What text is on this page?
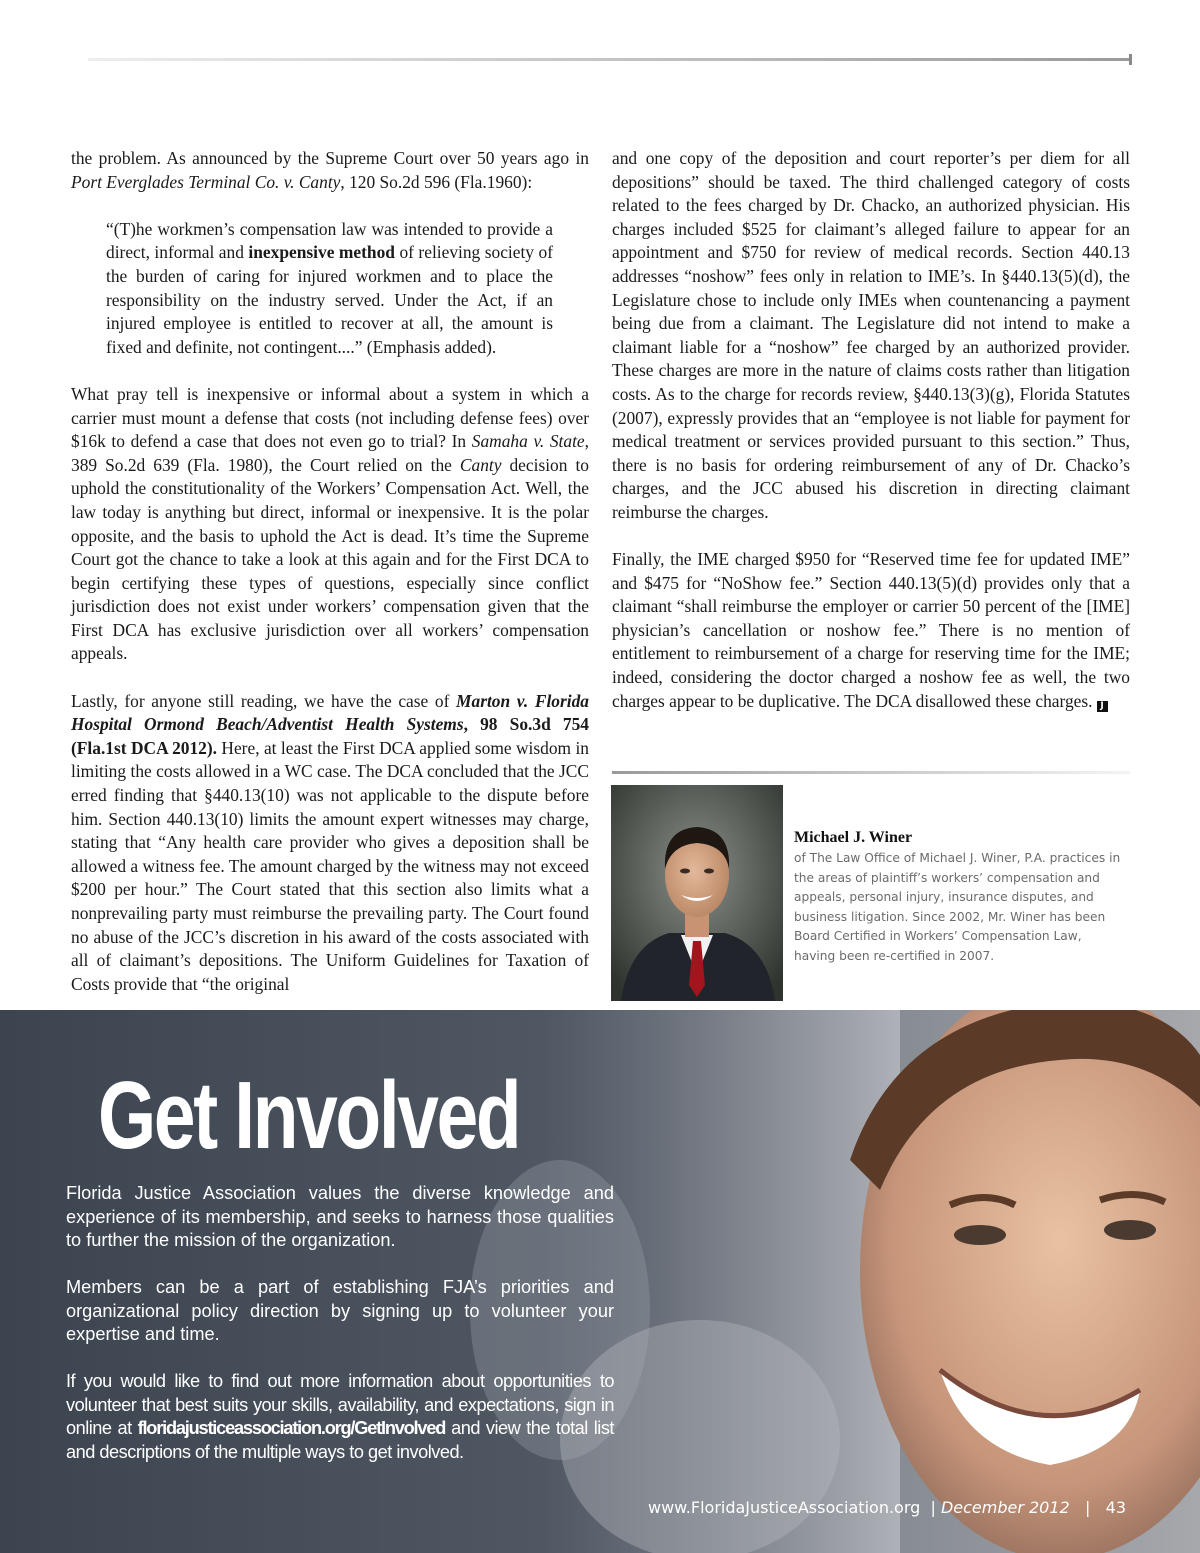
the problem. As announced by the Supreme Court over 50 years ago in Port Everglades Terminal Co. v. Canty, 120 So.2d 596 (Fla.1960):

“(T)he workmen’s compensation law was intended to provide a direct, informal and inexpensive method of relieving society of the burden of caring for injured workmen and to place the responsibility on the industry served. Under the Act, if an injured employee is entitled to recover at all, the amount is fixed and definite, not contingent....” (Emphasis added).

What pray tell is inexpensive or informal about a system in which a carrier must mount a defense that costs (not including defense fees) over $16k to defend a case that does not even go to trial? In Samaha v. State, 389 So.2d 639 (Fla. 1980), the Court relied on the Canty decision to uphold the constitutionality of the Workers’ Compensation Act. Well, the law today is anything but direct, informal or inexpensive. It is the polar opposite, and the basis to uphold the Act is dead. It’s time the Supreme Court got the chance to take a look at this again and for the First DCA to begin certifying these types of questions, especially since conflict jurisdiction does not exist under workers’ compensation given that the First DCA has exclusive jurisdiction over all workers’ compensation appeals.

Lastly, for anyone still reading, we have the case of Marton v. Florida Hospital Ormond Beach/Adventist Health Systems, 98 So.3d 754 (Fla.1st DCA 2012). Here, at least the First DCA applied some wisdom in limiting the costs allowed in a WC case. The DCA concluded that the JCC erred finding that §440.13(10) was not applicable to the dispute before him. Section 440.13(10) limits the amount expert witnesses may charge, stating that “Any health care provider who gives a deposition shall be allowed a witness fee. The amount charged by the witness may not exceed $200 per hour.” The Court stated that this section also limits what a nonprevailing party must reimburse the prevailing party. The Court found no abuse of the JCC’s discretion in his award of the costs associated with all of claimant’s depositions. The Uniform Guidelines for Taxation of Costs provide that “the original

and one copy of the deposition and court reporter’s per diem for all depositions” should be taxed. The third challenged category of costs related to the fees charged by Dr. Chacko, an authorized physician. His charges included $525 for claimant’s alleged failure to appear for an appointment and $750 for review of medical records. Section 440.13 addresses “noshow” fees only in relation to IME’s. In §440.13(5)(d), the Legislature chose to include only IMEs when countenancing a payment being due from a claimant. The Legislature did not intend to make a claimant liable for a “noshow” fee charged by an authorized provider. These charges are more in the nature of claims costs rather than litigation costs. As to the charge for records review, §440.13(3)(g), Florida Statutes (2007), expressly provides that an “employee is not liable for payment for medical treatment or services provided pursuant to this section.” Thus, there is no basis for ordering reimbursement of any of Dr. Chacko’s charges, and the JCC abused his discretion in directing claimant reimburse the charges.

Finally, the IME charged $950 for “Reserved time fee for updated IME” and $475 for “NoShow fee.” Section 440.13(5)(d) provides only that a claimant “shall reimburse the employer or carrier 50 percent of the [IME] physician’s cancellation or noshow fee.” There is no mention of entitlement to reimbursement of a charge for reserving time for the IME; indeed, considering the doctor charged a noshow fee as well, the two charges appear to be duplicative. The DCA disallowed these charges. J

Michael J. Winer
of The Law Office of Michael J. Winer, P.A. practices in the areas of plaintiff’s workers’ compensation and appeals, personal injury, insurance disputes, and business litigation. Since 2002, Mr. Winer has been Board Certified in Workers’ Compensation Law, having been re-certified in 2007.
Get Involved

Florida Justice Association values the diverse knowledge and experience of its membership, and seeks to harness those qualities to further the mission of the organization.

Members can be a part of establishing FJA’s priorities and organizational policy direction by signing up to volunteer your expertise and time.

If you would like to find out more information about opportunities to volunteer that best suits your skills, availability, and expectations, sign in online at floridajusticeassociation.org/GetInvolved and view the total list and descriptions of the multiple ways to get involved.

www.FloridaJusticeAssociation.org | December 2012 | 43
